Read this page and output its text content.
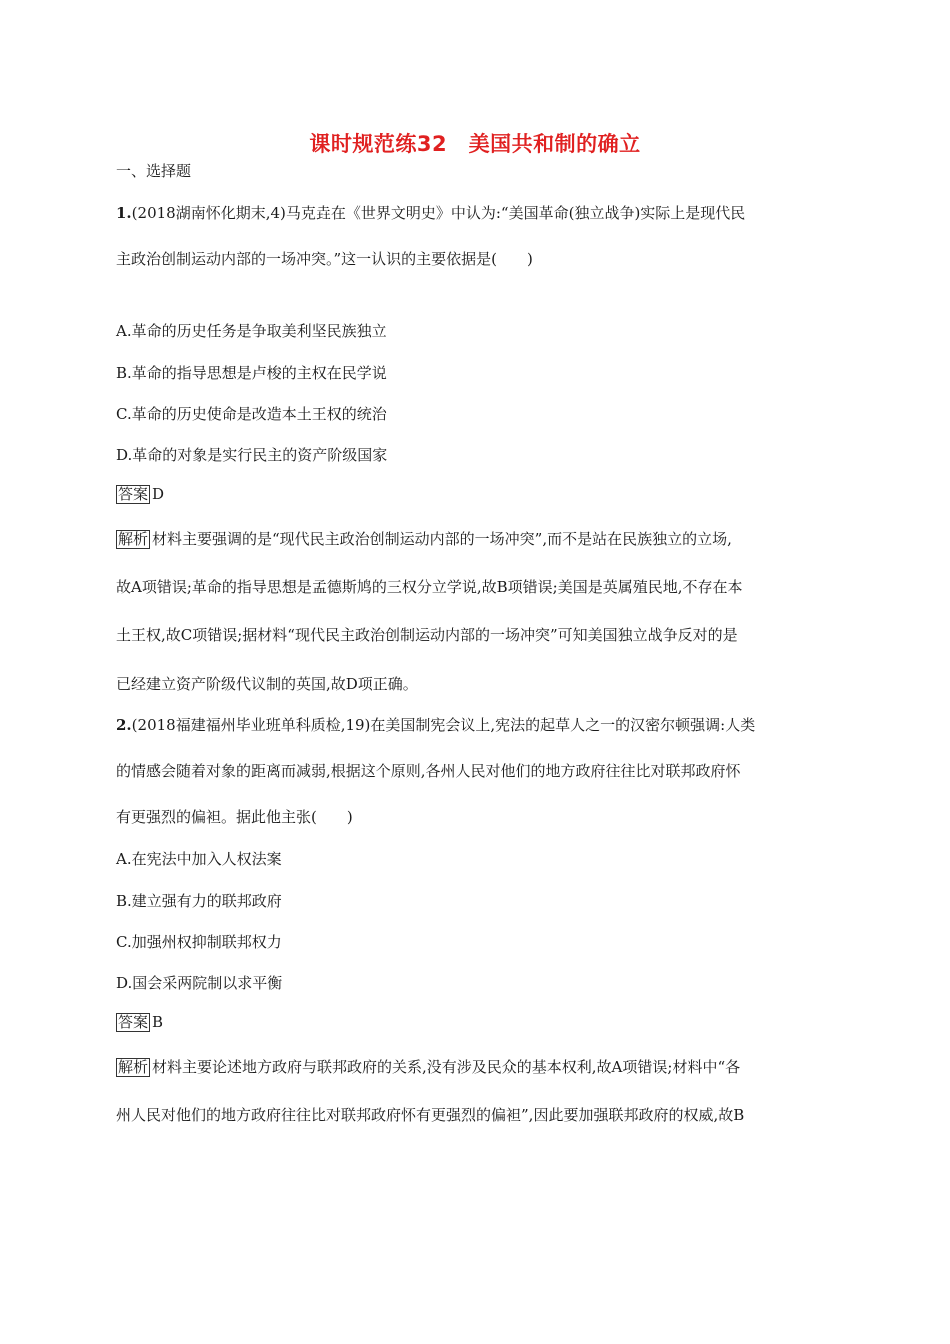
课时规范练32　美国共和制的确立
一、选择题
1.(2018湖南怀化期末,4)马克垚在《世界文明史》中认为:“美国革命(独立战争)实际上是现代民
主政治创制运动内部的一场冲突。”这一认识的主要依据是(　　)
A.革命的历史任务是争取美利坚民族独立
B.革命的指导思想是卢梭的主权在民学说
C.革命的历史使命是改造本土王权的统治
D.革命的对象是实行民主的资产阶级国家
答案 D
解析 材料主要强调的是“现代民主政治创制运动内部的一场冲突”,而不是站在民族独立的立场,
故A项错误;革命的指导思想是孟德斯鸠的三权分立学说,故B项错误;美国是英属殖民地,不存在本
土王权,故C项错误;据材料“现代民主政治创制运动内部的一场冲突”可知美国独立战争反对的是
已经建立资产阶级代议制的英国,故D项正确。
2.(2018福建福州毕业班单科质检,19)在美国制宪会议上,宪法的起草人之一的汉密尔顿强调:人类
的情感会随着对象的距离而减弱,根据这个原则,各州人民对他们的地方政府往往比对联邦政府怀
有更强烈的偏袒。据此他主张(　　)
A.在宪法中加入人权法案
B.建立强有力的联邦政府
C.加强州权抑制联邦权力
D.国会采两院制以求平衡
答案 B
解析 材料主要论述地方政府与联邦政府的关系,没有涉及民众的基本权利,故A项错误;材料中“各
州人民对他们的地方政府往往比对联邦政府怀有更强烈的偏袒”,因此要加强联邦政府的权威,故B
